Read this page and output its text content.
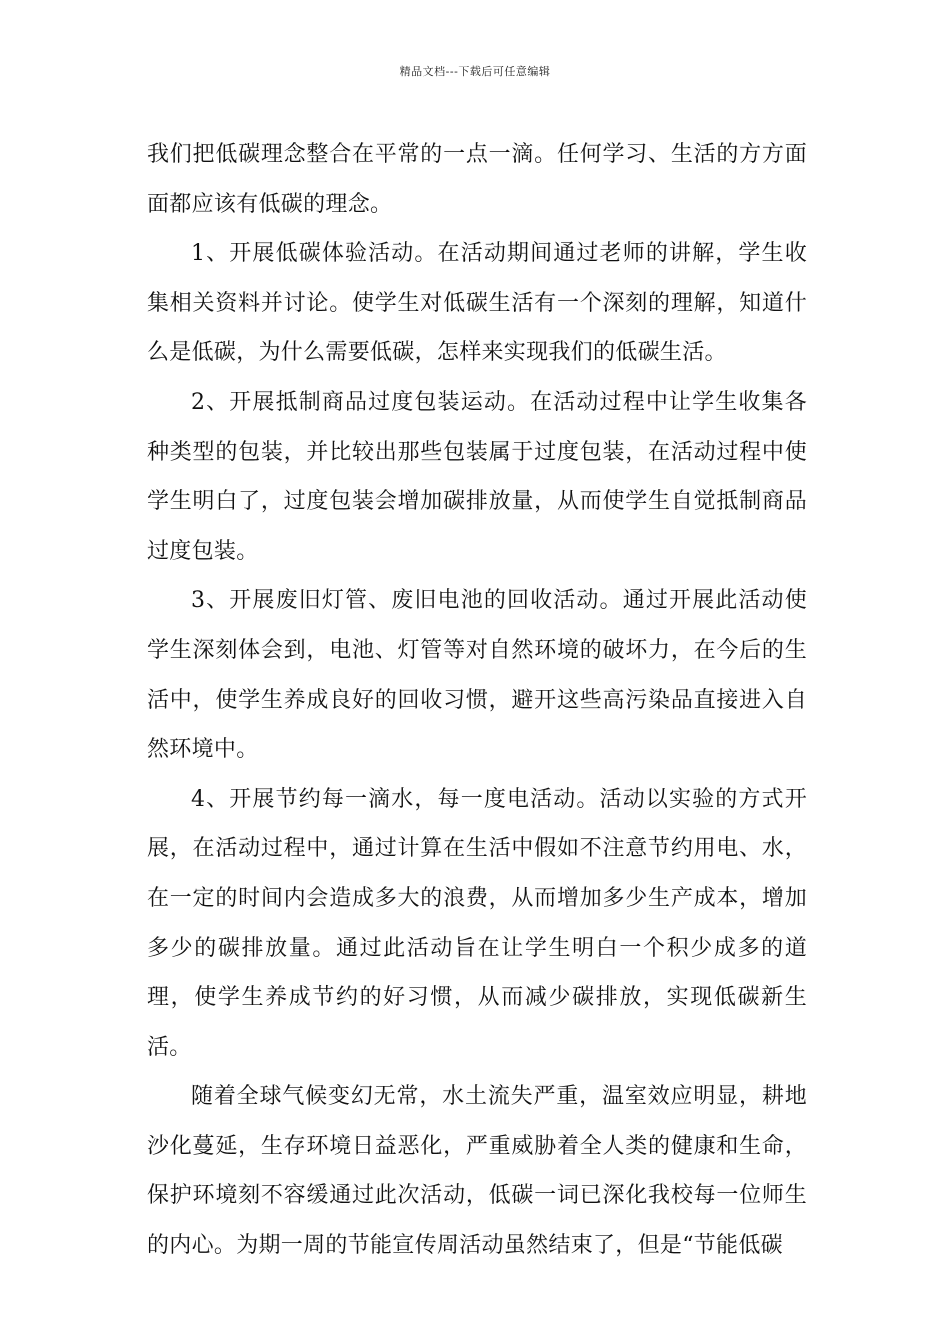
精品文档---下载后可任意编辑

我们把低碳理念整合在平常的一点一滴。任何学习、生活的方方面面都应该有低碳的理念。

1、开展低碳体验活动。在活动期间通过老师的讲解，学生收集相关资料并讨论。使学生对低碳生活有一个深刻的理解，知道什么是低碳，为什么需要低碳，怎样来实现我们的低碳生活。

2、开展抵制商品过度包装运动。在活动过程中让学生收集各种类型的包装，并比较出那些包装属于过度包装，在活动过程中使学生明白了，过度包装会增加碳排放量，从而使学生自觉抵制商品过度包装。

3、开展废旧灯管、废旧电池的回收活动。通过开展此活动使学生深刻体会到，电池、灯管等对自然环境的破坏力，在今后的生活中，使学生养成良好的回收习惯，避开这些高污染品直接进入自然环境中。

4、开展节约每一滴水，每一度电活动。活动以实验的方式开展，在活动过程中，通过计算在生活中假如不注意节约用电、水，在一定的时间内会造成多大的浪费，从而增加多少生产成本，增加多少的碳排放量。通过此活动旨在让学生明白一个积少成多的道理，使学生养成节约的好习惯，从而减少碳排放，实现低碳新生活。

随着全球气候变幻无常，水土流失严重，温室效应明显，耕地沙化蔓延，生存环境日益恶化，严重威胁着全人类的健康和生命，保护环境刻不容缓通过此次活动，低碳一词已深化我校每一位师生的内心。为期一周的节能宣传周活动虽然结束了，但是“节能低碳
